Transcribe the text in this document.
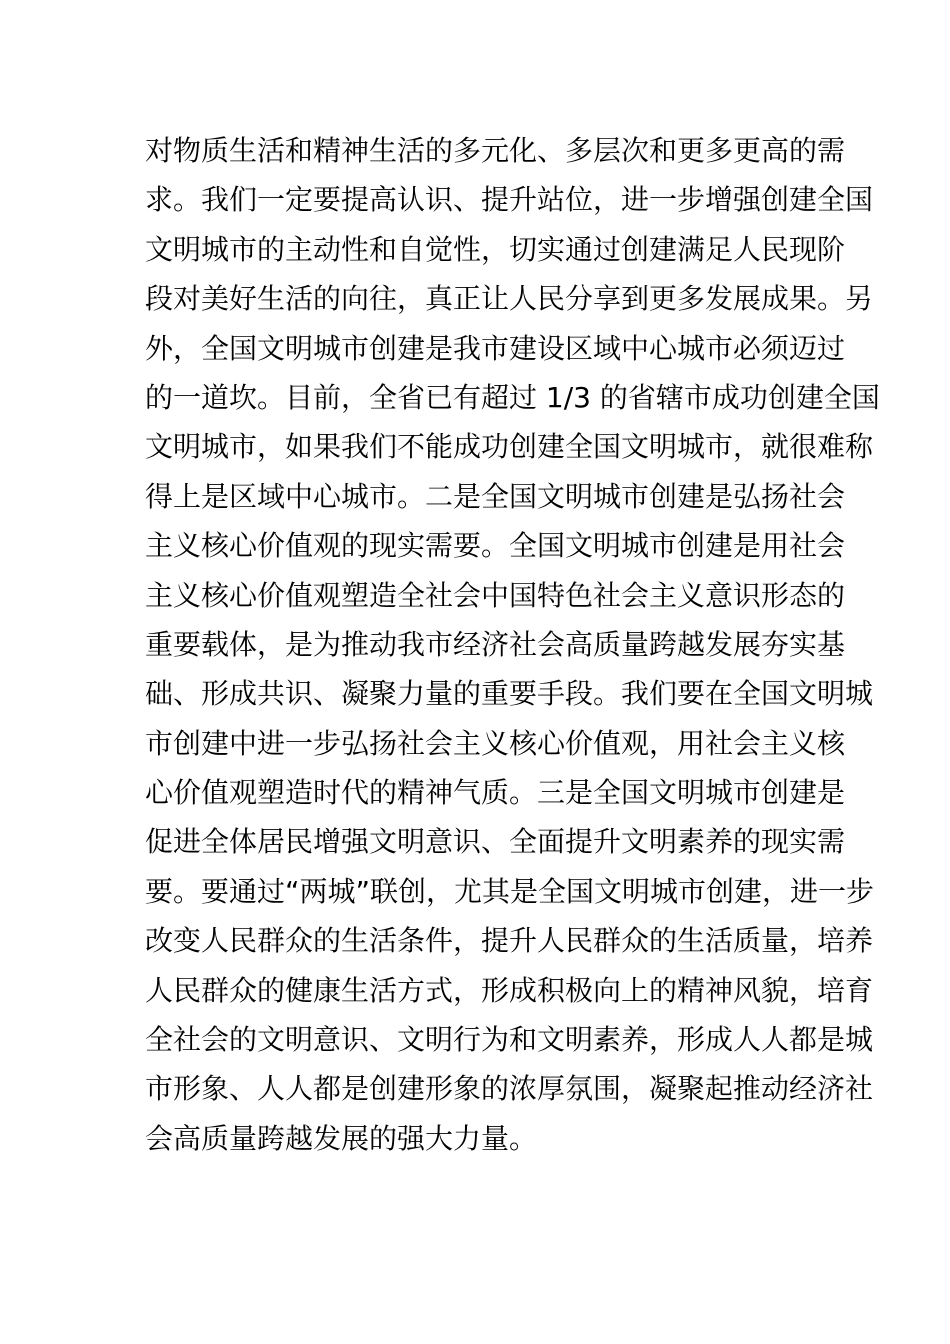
对物质生活和精神生活的多元化、多层次和更多更高的需
求。我们一定要提高认识、提升站位，进一步增强创建全国
文明城市的主动性和自觉性，切实通过创建满足人民现阶
段对美好生活的向往，真正让人民分享到更多发展成果。另
外，全国文明城市创建是我市建设区域中心城市必须迈过
的一道坎。目前，全省已有超过 1/3 的省辖市成功创建全国
文明城市，如果我们不能成功创建全国文明城市，就很难称
得上是区域中心城市。二是全国文明城市创建是弘扬社会
主义核心价值观的现实需要。全国文明城市创建是用社会
主义核心价值观塑造全社会中国特色社会主义意识形态的
重要载体，是为推动我市经济社会高质量跨越发展夯实基
础、形成共识、凝聚力量的重要手段。我们要在全国文明城
市创建中进一步弘扬社会主义核心价值观，用社会主义核
心价值观塑造时代的精神气质。三是全国文明城市创建是
促进全体居民增强文明意识、全面提升文明素养的现实需
要。要通过“两城”联创，尤其是全国文明城市创建，进一步
改变人民群众的生活条件，提升人民群众的生活质量，培养
人民群众的健康生活方式，形成积极向上的精神风貌，培育
全社会的文明意识、文明行为和文明素养，形成人人都是城
市形象、人人都是创建形象的浓厚氛围，凝聚起推动经济社
会高质量跨越发展的强大力量。
